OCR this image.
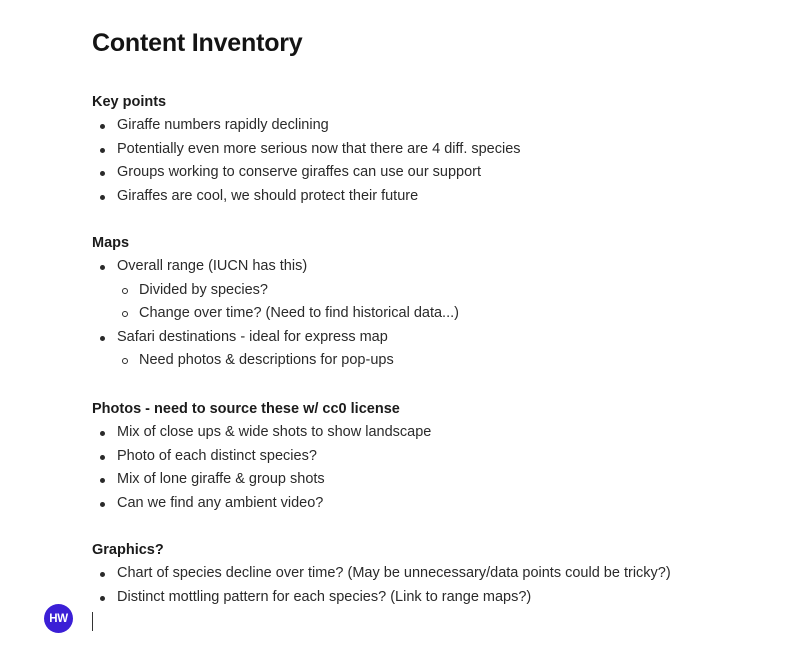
Content Inventory
Key points
Giraffe numbers rapidly declining
Potentially even more serious now that there are 4 diff. species
Groups working to conserve giraffes can use our support
Giraffes are cool, we should protect their future
Maps
Overall range (IUCN has this)
Divided by species?
Change over time? (Need to find historical data...)
Safari destinations - ideal for express map
Need photos & descriptions for pop-ups
Photos - need to source these w/ cc0 license
Mix of close ups & wide shots to show landscape
Photo of each distinct species?
Mix of lone giraffe & group shots
Can we find any ambient video?
Graphics?
Chart of species decline over time? (May be unnecessary/data points could be tricky?)
Distinct mottling pattern for each species? (Link to range maps?)
HW
